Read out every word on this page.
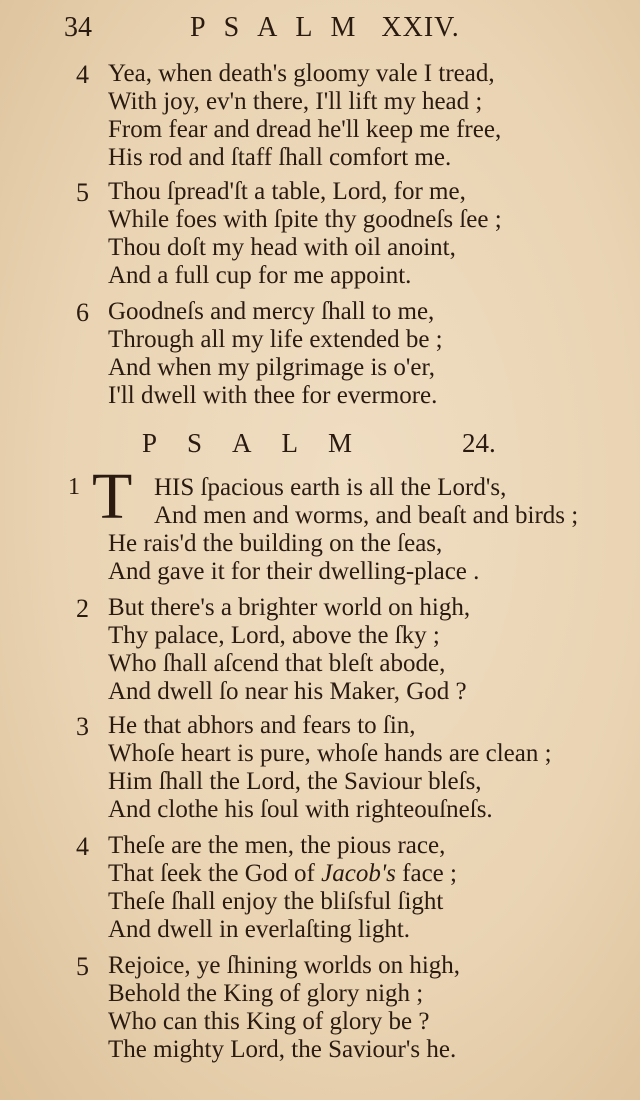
34	PSALM XXIV.
4 Yea, when death's gloomy vale I tread,
With joy, ev'n there, I'll lift my head ;
From fear and dread he'll keep me free,
His rod and ſtaff ſhall comfort me.
5 Thou ſpread'ſt a table, Lord, for me,
While foes with ſpite thy goodneſs ſee ;
Thou doſt my head with oil anoint,
And a full cup for me appoint.
6 Goodneſs and mercy ſhall to me,
Through all my life extended be ;
And when my pilgrimage is o'er,
I'll dwell with thee for evermore.
PSALM	24.
1 T HIS ſpacious earth is all the Lord's,
And men and worms, and beaſt and birds ;
He rais'd the building on the ſeas,
And gave it for their dwelling-place .
2 But there's a brighter world on high,
Thy palace, Lord, above the ſky ;
Who ſhall aſcend that bleſt abode,
And dwell ſo near his Maker, God ?
3 He that abhors and fears to ſin,
Whoſe heart is pure, whoſe hands are clean ;
Him ſhall the Lord, the Saviour bleſs,
And clothe his ſoul with righteouſneſs.
4 Theſe are the men, the pious race,
That ſeek the God of Jacob's face ;
Theſe ſhall enjoy the bliſsful ſight
And dwell in everlaſting light.
5 Rejoice, ye ſhining worlds on high,
Behold the King of glory nigh ;
Who can this King of glory be ?
The mighty Lord, the Saviour's he.
